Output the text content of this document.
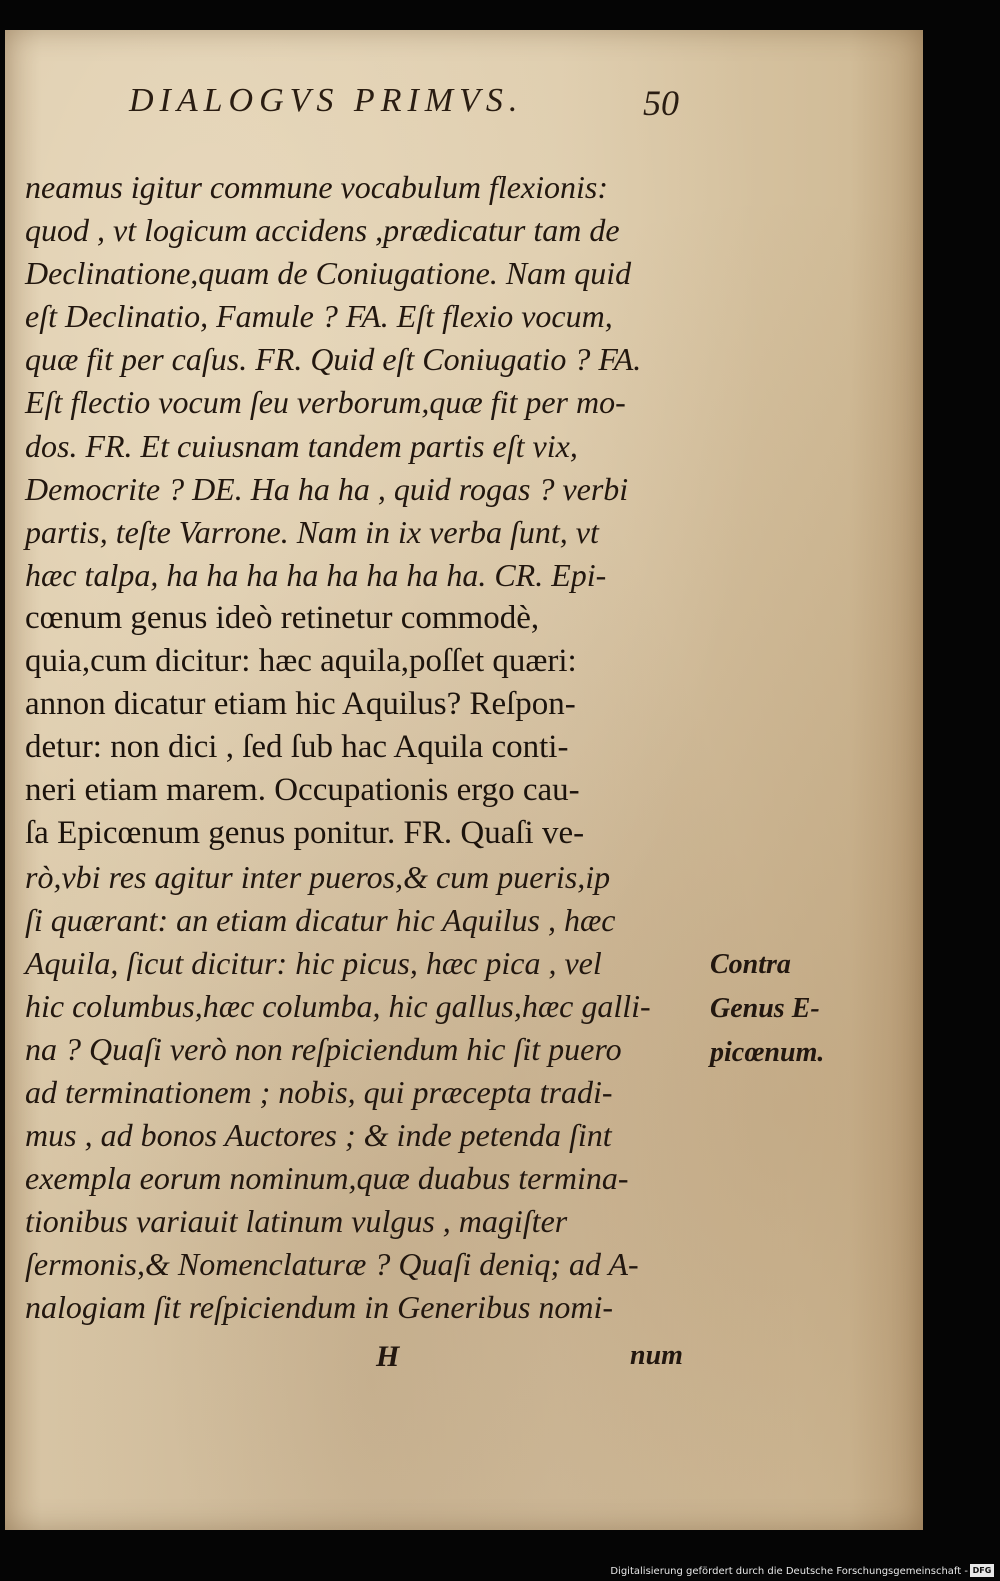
DIALOGVS PRIMVS.	50
neamus igitur commune vocabulum flexionis:
quod , vt logicum accidens ,prædicatur tam de
Declinatione,quam de Coniugatione. Nam quid
eſt Declinatio, Famule ? FA. Eſt flexio vocum,
quæ fit per caſus. FR. Quid eſt Coniugatio ? FA.
Eſt flectio vocum ſeu verborum,quæ fit per mo-
dos. FR. Et cuiusnam tandem partis eſt vix,
Democrite ? DE. Ha ha ha , quid rogas ? verbi
partis, teſte Varrone. Nam in ix verba ſunt, vt
hæc talpa, ha ha ha ha ha ha ha ha. CR. Epi-
cœnum genus ideò retinetur commodè,
quia,cum dicitur: hæc aquila,poſſet quæri:
annon dicatur etiam hic Aquilus? Reſpon-
detur: non dici , ſed ſub hac Aquila conti-
neri etiam marem. Occupationis ergo cau-
ſa Epicœnum genus ponitur. FR. Quaſi ve-
rò,vbi res agitur inter pueros,& cum pueris,ip
ſi quærant: an etiam dicatur hic Aquilus , hæc
Aquila, ſicut dicitur: hic picus, hæc pica , vel
hic columbus,hæc columba, hic gallus,hæc galli-
na ? Quaſi verò non reſpiciendum hic ſit puero
ad terminationem ; nobis, qui præcepta tradi-
mus , ad bonos Auctores ; & inde petenda ſint
exempla eorum nominum,quæ duabus termina-
tionibus variauit latinum vulgus , magiſter
ſermonis,& Nomenclaturæ ? Quaſi deniq; ad A-
nalogiam ſit reſpiciendum in Generibus nomi-
Contra
Genus E-
picœnum.
H	num
Digitalisierung gefördert durch die Deutsche Forschungsgemeinschaft - DFG
